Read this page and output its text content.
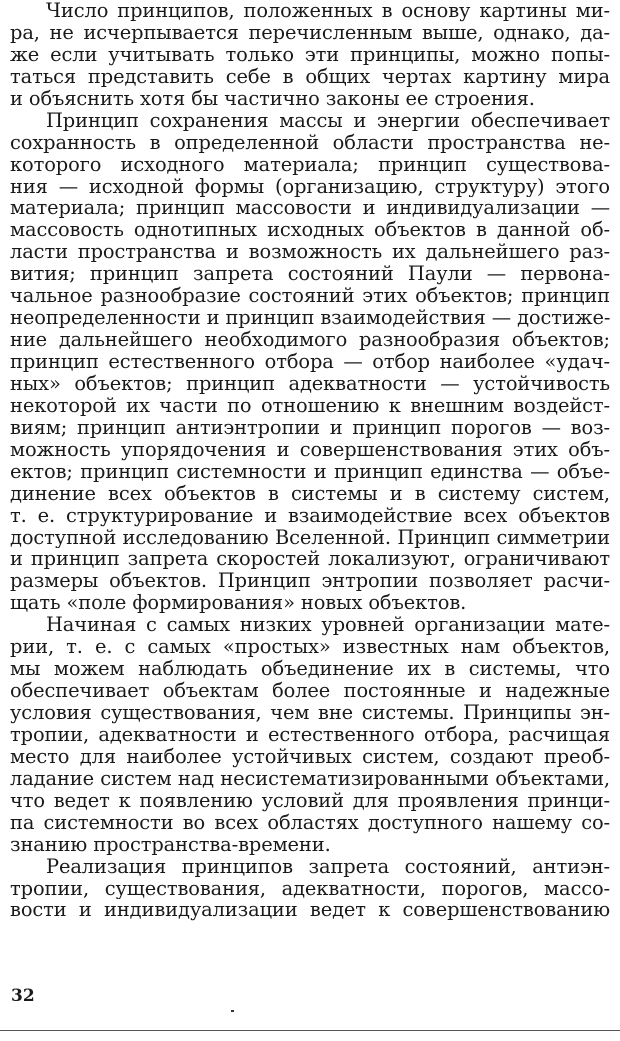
Число принципов, положенных в основу картины ми-
ра, не исчерпывается перечисленным выше, однако, да-
же если учитывать только эти принципы, можно попы-
таться представить себе в общих чертах картину мира
и объяснить хотя бы частично законы ее строения.
Принцип сохранения массы и энергии обеспечивает
сохранность в определенной области пространства не-
которого исходного материала; принцип существова-
ния — исходной формы (организацию, структуру) этого
материала; принцип массовости и индивидуализации —
массовость однотипных исходных объектов в данной об-
ласти пространства и возможность их дальнейшего раз-
вития; принцип запрета состояний Паули — первона-
чальное разнообразие состояний этих объектов; принцип
неопределенности и принцип взаимодействия — достиже-
ние дальнейшего необходимого разнообразия объектов;
принцип естественного отбора — отбор наиболее «удач-
ных» объектов; принцип адекватности — устойчивость
некоторой их части по отношению к внешним воздейст-
виям; принцип антиэнтропии и принцип порогов — воз-
можность упорядочения и совершенствования этих объ-
ектов; принцип системности и принцип единства — объе-
динение всех объектов в системы и в систему систем,
т. е. структурирование и взаимодействие всех объектов
доступной исследованию Вселенной. Принцип симметрии
и принцип запрета скоростей локализуют, ограничивают
размеры объектов. Принцип энтропии позволяет расчи-
щать «поле формирования» новых объектов.
Начиная с самых низких уровней организации мате-
рии, т. е. с самых «простых» известных нам объектов,
мы можем наблюдать объединение их в системы, что
обеспечивает объектам более постоянные и надежные
условия существования, чем вне системы. Принципы эн-
тропии, адекватности и естественного отбора, расчищая
место для наиболее устойчивых систем, создают преоб-
ладание систем над несистематизированными объектами,
что ведет к появлению условий для проявления принци-
па системности во всех областях доступного нашему со-
знанию пространства-времени.
Реализация принципов запрета состояний, антиэн-
тропии, существования, адекватности, порогов, массо-
вости и индивидуализации ведет к совершенствованию
32
